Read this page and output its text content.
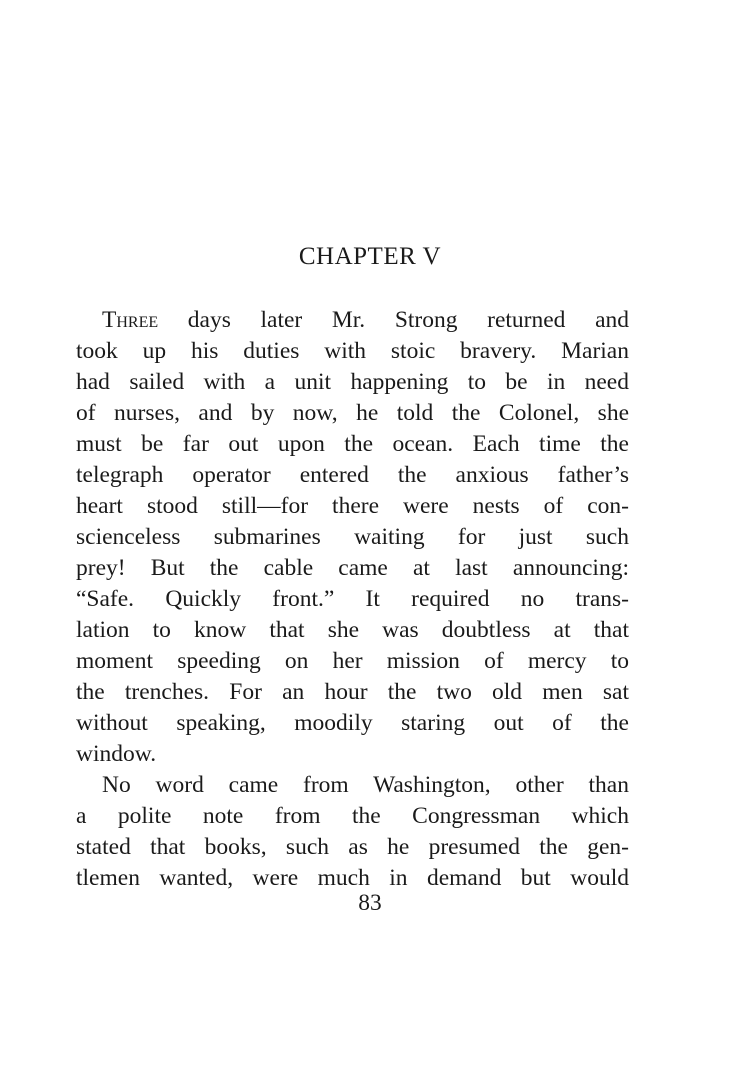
CHAPTER V
Three days later Mr. Strong returned and
took up his duties with stoic bravery. Marian
had sailed with a unit happening to be in need
of nurses, and by now, he told the Colonel, she
must be far out upon the ocean. Each time the
telegraph operator entered the anxious father’s
heart stood still—for there were nests of con-
scienceless submarines waiting for just such
prey! But the cable came at last announcing:
“Safe. Quickly front.” It required no trans-
lation to know that she was doubtless at that
moment speeding on her mission of mercy to
the trenches. For an hour the two old men sat
without speaking, moodily staring out of the
window.
No word came from Washington, other than
a polite note from the Congressman which
stated that books, such as he presumed the gen-
tlemen wanted, were much in demand but would

83
